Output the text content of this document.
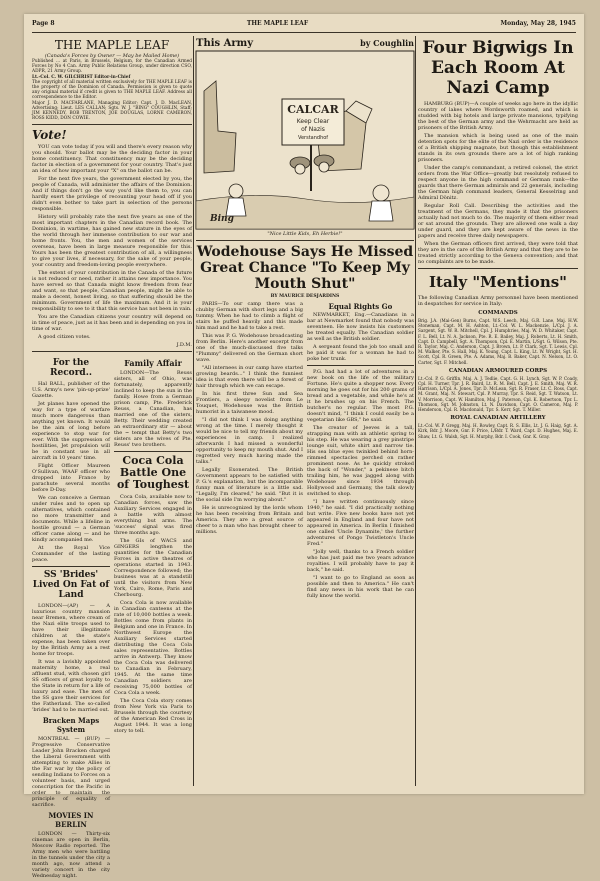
Page 8	THE MAPLE LEAF	Monday, May 28, 1945
THE MAPLE LEAF
(Canada's Forces by Owner — May be Mailed Home)
Published ... at Paris, in Brussels, Belgium, for the Canadian Armed Forces by No 4 Can. Army Public Relations Group, under direction CSO, ADPR, 21 Army Group.
Lt.-Col. C. W. GILCHRIST Editor-in-Chief
The copyright of all material written exclusively for THE MAPLE LEAF is the property of the Dominion of Canada. Permission is given to quote any original material if credit is given to THE MAPLE LEAF. Address all correspondence to the Editor.
Major J. D. MACFARLANE, Managing Editor; Capt. J. D. MacLEAN, Advertising; Lieut. LES CALLAN; Sgts. W. J. "BING" COUGHLIN, Staff; JIM KENNEDY, BOB TRENTON, JOE DOUGLAS, LORNE CAMERON, ROSS KIDD, DON COWIE.
Vote!

YOU can vote today if you will and there's every reason why you should. Your ballot may be the deciding factor in your home constituency. That constituency may be the deciding factor in election of a government for your country. That's just an idea of how important your "X" on the ballot can be.

For the next five years, the government elected by you, the people of Canada, will administer the affairs of the Dominion. And if things don't go the way you'd like them to, you can hardly exert the privilege of recounting your head off if you didn't even bother to take part in selection of the persons responsible.

History will probably rate the next five years as one of the most important chapters in the Canadian record book. The Dominion, in wartime, has gained new stature in the eyes of the world through her immense contribution to our war and home fronts. You, the men and women of the services overseas, have been in large measure responsible for this. Yours has been the greatest contribution of all, a willingness to give your lives, if necessary, for the sake of your people, your country and freedom-loving people everywhere.

The extent of your contribution in the Canada of the future is not reduced or need, rather it attains new importance. You have served so that Canada might know freedom from fear and want, so that people, Canadian people, might be able to make a decent, honest living, so that suffering should be the minimum. Government of life the maximum. And it is your responsibility to see to it that this service has not been in vain.

You are the Canadian citizens your country will depend on in time of peace, just as it has been and is depending on you in time of war.

A good citizen votes.

J.D.M.
For the Record..

Hal BALL, publisher of the U.S. Army's new 'pin-up-prize' Gazette.

Jet planes have opened the way for a type of warfare much more dangerous than anything yet known. It would be the aim of long before experience to stop war for ever. With the suppression of hostilities, Jet propulsion will be in constant use in all aircraft in 10 years' time.

Flight Officer Maureen O'Sullivan, WAAF officer who dropped into France by parachute several months before D-Day.

We can conceive a German under rules and to open up alternatives, which contained no more transmitter and documents. While a lifeline in hostile ground — a German officer came along — and he kindly accompanied me.

At the Royal Vice Commander of the lasting peace.

SS 'Brides' Lived On Fat of Land

LONDON—(AP) — A luxurious country mansion near Bremen, where cream of the Nazi elite troops used to have their illegitimate children at the state's expense, has been taken over by the British Army as a rest home for troops.

It was a lavishly appointed maternity home, a real affluent stud, with chosen girl SS officers of great loyalty to the State in return for a life of luxury and ease. The men of the SS gave their services for the Fatherland. The so-called 'brides' had to be married out.

Bracken Maps System

MONTREAL — (BUP) — Progressive Conservative Leader John Bracken charged the Liberal Government with attempting to make Allies in the Far war by the policy of sending Indians to Forces on a volunteer basis, and urged conscription for the Pacific in order to maintain the principle of equality of sacrifice.

MOVIES IN BERLIN

LONDON — Thirty-six cinemas are open in Berlin, Moscow Radio reported. The Army men who were battling in the tunnels under the city a month ago, now attend a variety concert in the city Wednesday night.

Family Affair

LONDON—The Reuss sisters, all of Ohio, was fortunately, apparently inclined to keep the sun in the family. Howe from a German prison camp, Pte. Frederick Reuss, a Canadian, has married one of the sisters, Betty. Their wedding created an extraordinary stir — about the ~ tempt that Betty's two sisters are the wives of Pte. Reuss' two brothers.

Coca Cola Battle One of Toughest

Coca Cola, available now to Canadian forces, saw the Auxiliary Services engaged in a battle with almost everything but arms. The 'success' signal was fired three months ago.

The GIs of WACS and GINGERS lengthen the quantities for the Canadian Forces in active theatres of operations started in 1943. Correspondence followed; the business was at a standstill until the visitors from New York, Cairo, Rome, Paris and Cherbourg.

Coca Cola is now available in Canadian canteens at the rate of 10,000 bottles a week. Bottles come from plants in Belgium and one in France. In Northwest Europe the Auxiliary Services started distributing the Coca Cola sales representative. Bottles arrive in Antwerp. They know the Coca Cola was delivered to Canadian in February, 1945. At the same time Canadian soldiers are receiving 75,000 bottles of Coca Cola a week.

The Coca Cola story comes from New York via Paris to Brussels through the courtesy of the American Red Cross in August 1944. It was a long story to tell.

This Army	by Coughlin
CALCAR
Keep Clear
of Nazis
Verstandhof
Bing
"Nice Little Kids, Eh Herbie!"
Wodehouse Says He Missed Great Chance "To Keep My Mouth Shut"
BY MAURICE DESJARDINS

PARIS—To our camp there was a chubby German with short legs and a big tummy. When he had to climb a flight of stairs he puffed heavily and this made him mad and he had to take a rest.

This was P. G. Wodehouse broadcasting from Berlin. Here's another excerpt from one of the much-discussed five talks "Plummy" delivered on the German short wave.

"All internees in our camp have started growing beards..." I think the funniest idea is that even there will be a forest of hair through which we can escape.

In his first three Sun and Sea Frontiers, a sleepy novelist from Le Touquet, Wodehouse was the British humorist in a taiwanese mood.

"I did not think I was doing anything wrong at the time. I merely thought it would be nice to tell my friends about my experiences in camp. I realized afterwards I had missed a wonderful opportunity to keep my mouth shut. And I regretted very much having made the talks."

Legally Exonerated. The British Government appears to be satisfied with P. G.'s explanation, but the incomparable funny man of literature is a little sad. "Legally, I'm cleared," he said. "But it is the social side I'm worrying about."

He is unrecognized by the lords whom he has been receiving from Britain and America. They are a great source of cheer to a man who has brought cheer to millions.

Equal Rights Go

NEWMARKET, Eng.—Canadians in a bar at Newmarket found that nobody was seventeen. He now insists his customers be treated equally. The Canadian soldier as well as the British soldier.

A sergeant found the job too small and he paid it was for a woman he had to poke her trunk.

P.G. had had a lot of adventures in a new book on the life of the military Fortune. He's quite a shopper now. Every morning he goes out for his 200 grams of bread and a vegetable, and while he's at it he brushes up on his French. The butcher's no regular. The most P.G. doesn't mind, "I think I could easily be a vegetarian like GBS," he said.

The creator of Jeeves is a tall, strapping man with an athletic spring to his step. He was wearing a grey pinstripe lounge suit, white shirt and narrow tie. His sea blue eyes twinkled behind horn-rimmed spectacles perched on rather prominent nose. As he quickly stroked the back of "Wonder," a pekinese bitch trailing him, he was jagged along with Wodehouse since 1934 through Hollywood and Germany, the talk slowly switched to shop.

"I have written continuously since 1940," he said. "I did practically nothing but write. Five new books have not yet appeared in England and four have not appeared in America. In Berlin I finished one called 'Uncle Dynamite,' the further adventures of Pongo Twistleton's Uncle Fred."

"Jolly well, thanks to a French soldier who has just paid me two years advance royalties. I will probably have to pay it back," he said.

"I want to go to England as soon as possible and then to America." He can't find any news in his work that he can fully know the world.

Four Bigwigs In Each Room At Nazi Camp

HAMBURG (BUP)—A couple of weeks ago here in the idyllic country of lakes where Wordsworth roamed, and which is studded with big hotels and large private mansions, typifying the best of the German army and the Wehrmacht are held as prisoners of the British Army.

The mansion which is being used as one of the main detention spots for the elite of the Nazi order is the residence of a British shipping magnate, but though this establishment stands in its own grounds there are a lot of high ranking prisoners.

Under the camp's commandant, a retired colonel, the strict orders from the War Office—greatly but resolutely refused to respect anyone in the high command or German rank—the guards that there German admirals and 22 generals, including the German high command leaders, General Kesselring and Admiral Dönitz.

Regular Roll Call. Describing the activities and the treatment of the Germans, they made it that the prisoners actually had not much to do. The majority of them either read or sat around the grounds. They are allowed one walk a day under guard, and they are kept aware of the news in the papers and receive three daily newspapers.

When the German officers first arrived, they were told that they are in the care of the British Army and that they are to be treated strictly according to the Geneva convention; and that no complaints are to be made.

Italy "Mentions"
The following Canadian Army personnel have been mentioned in despatches for service in Italy:
COMMANDS
Brig. J.A. (Mai-Gen) Burns, Capt. W.S. Leech, Maj. G.R. Lane, Maj. H.W. Stoneman, Capt. M. H. Ashton, Lt.-Col. W. L. Mackenzie, L/Cpl. J. A. Sargent, Sgt. W. R. Mitchell, Cpl. J. Humphries, Maj. W. D. Whitaker, Capt. F. L. Bell, Lt. N. A. Jackson, Pte. R. E. Bailey, Maj. J. Roberts, Lt. H. Smith, Capt. D. Campbell, Sgt. A. Thompson, Cpl. E. Martin, L/Sgt. G. Wilson, Pte. R. Taylor, Maj. C. Anderson, Capt. J. Brown, Lt. P. Clark, Sgt. T. Lewis, Cpl. M. Walker, Pte. S. Hall, Maj. K. Young, Capt. L. King, Lt. W. Wright, Sgt. H. Scott, Cpl. R. Green, Pte. A. Adams, Maj. B. Baker, Capt. N. Nelson, Lt. O. Carter, Sgt. F. Mitchell.
CANADIAN ARMOURED CORPS
Lt.-Col. P. G. Griffin, Maj. A. J. Tedlie, Capt. G. H. Lynch, Sgt. W. P. Coady, Cpl. H. Turner, Tpr. J. R. Baird, Lt. R. M. Bell, Capt. J. E. Smith, Maj. W. R. Harrison, L/Cpl. A. Jones, Tpr. D. McLean, Sgt. R. Fraser, Lt. C. Ross, Capt. M. Grant, Maj. N. Stewart, Cpl. P. Murray, Tpr. S. Reid, Sgt. T. Watson, Lt. V. Morrison, Capt. W. Hamilton, Maj. J. Paterson, Cpl. K. Robertson, Tpr. L. Thomson, Sgt. M. Johnston, Lt. N. Davidson, Capt. O. Cameron, Maj. P. Henderson, Cpl. R. Macdonald, Tpr. S. Kerr, Sgt. T. Miller.
ROYAL CANADIAN ARTILLERY
Lt.-Col. W. P. Gregg, Maj. H. Rowley, Capt. R. S. Ellis, Lt. J. G. Haig, Sgt. A. Kirk, Bdr. J. Moore, Gnr. F. Price, L/Bdr. T. Ward, Capt. D. Hughes, Maj. E. Shaw, Lt. G. Walsh, Sgt. H. Murphy, Bdr. I. Cook, Gnr. K. Gray.
